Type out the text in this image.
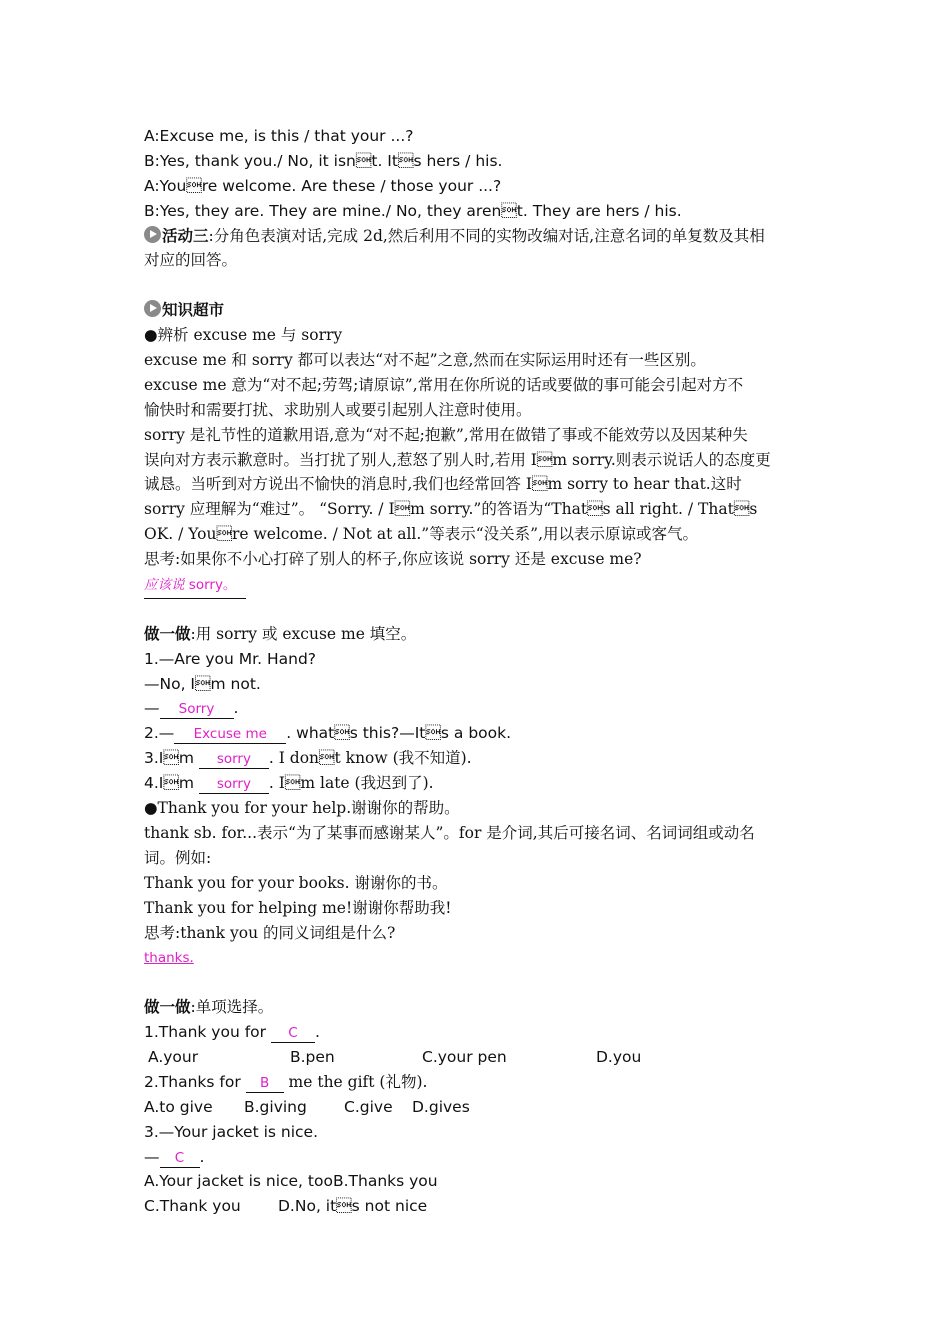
A:Excuse me, is this / that your ...?
B:Yes, thank you./ No, it isnt. Its hers / his.
A:Youre welcome. Are these / those your ...?
B:Yes, they are. They are mine./ No, they arent. They are hers / his.
活动三:分角色表演对话,完成 2d,然后利用不同的实物改编对话,注意名词的单复数及其相
对应的回答。
知识超市
●辨析 excuse me 与 sorry
excuse me 和 sorry 都可以表达“对不起”之意,然而在实际运用时还有一些区别。
excuse me 意为“对不起;劳驾;请原谅”,常用在你所说的话或要做的事可能会引起对方不
愉快时和需要打扰、求助别人或要引起别人注意时使用。
sorry 是礼节性的道歉用语,意为“对不起;抱歉”,常用在做错了事或不能效劳以及因某种失
误向对方表示歉意时。当打扰了别人,惹怒了别人时,若用 Im sorry.则表示说话人的态度更
诚恳。当听到对方说出不愉快的消息时,我们也经常回答 Im sorry to hear that.这时
sorry 应理解为“难过”。 “Sorry. / Im sorry.”的答语为“Thats all right. / Thats
OK. / Youre welcome. / Not at all.”等表示“没关系”,用以表示原谅或客气。
思考:如果你不小心打碎了别人的杯子,你应该说 sorry 还是 excuse me?
应该说 sorry。
做一做:用 sorry 或 excuse me 填空。
1.—Are you Mr. Hand?
—No, Im not.
— Sorry .
2.— Excuse me . whats this?—Its a book.
3.Im sorry . I dont know (我不知道).
4.Im sorry . Im late (我迟到了).
●Thank you for your help.谢谢你的帮助。
thank sb. for...表示“为了某事而感谢某人”。for 是介词,其后可接名词、名词词组或动名
词。例如:
Thank you for your books. 谢谢你的书。
Thank you for helping me!谢谢你帮助我!
思考:thank you 的同义词组是什么?
thanks.
做一做:单项选择。
1.Thank you for C .
A.your	B.pen	C.your pen	D.you
2.Thanks for B me the gift (礼物).
A.to give B.giving C.give D.gives
3.—Your jacket is nice.
— C .
A.Your jacket is nice, tooB.Thanks you
C.Thank you D.No, its not nice
